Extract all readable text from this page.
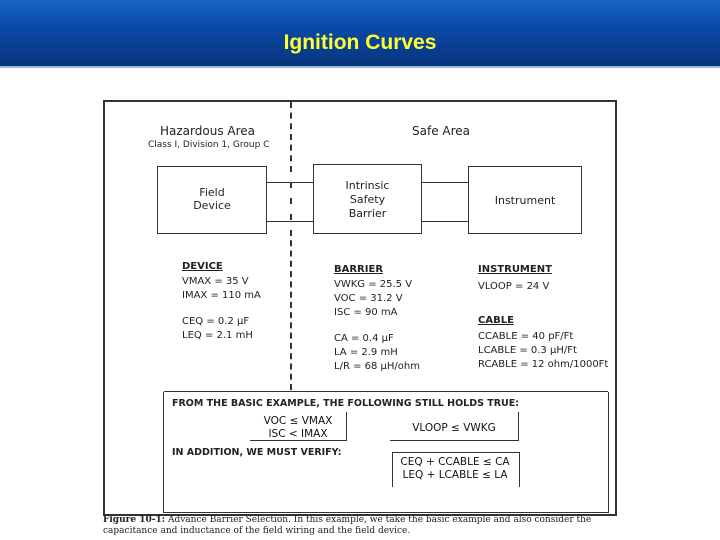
Ignition Curves
Hazardous Area
Class I, Division 1, Group C
Safe Area
Field
Device
Intrinsic
Safety
Barrier
Instrument
DEVICE
VMAX = 35 V
IMAX = 110 mA
CEQ = 0.2 µF
LEQ = 2.1 mH
BARRIER
VWKG = 25.5 V
VOC = 31.2 V
ISC = 90 mA
CA = 0.4 µF
LA = 2.9 mH
L/R = 68 µH/ohm
INSTRUMENT
VLOOP = 24 V
CABLE
CCABLE = 40 pF/Ft
LCABLE = 0.3 µH/Ft
RCABLE = 12 ohm/1000Ft
FROM THE BASIC EXAMPLE, THE FOLLOWING STILL HOLDS TRUE:
VOC ≤ VMAX
ISC < IMAX	VLOOP ≤ VWKG
IN ADDITION, WE MUST VERIFY:
CEQ + CCABLE ≤ CA
LEQ + LCABLE ≤ LA
Figure 10-1: Advance Barrier Selection. In this example, we take the basic example and also consider the capacitance and inductance of the field wiring and the field device.
